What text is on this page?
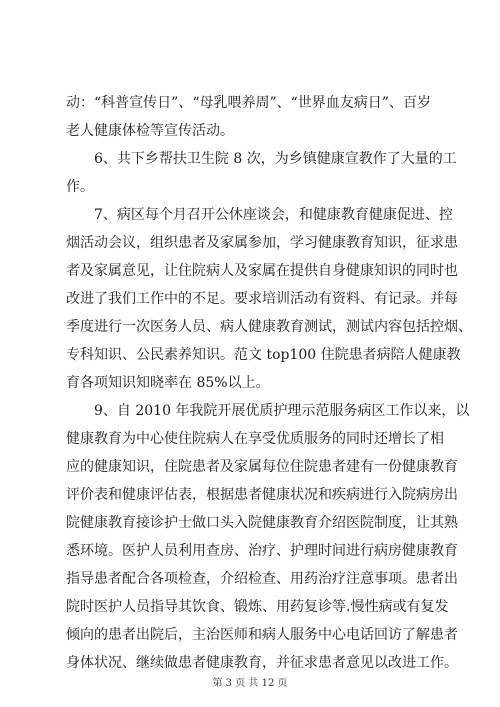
动：“科普宣传日”、“母乳喂养周”、“世界血友病日”、百岁
老人健康体检等宣传活动。
6、共下乡帮扶卫生院 8 次，为乡镇健康宣教作了大量的工
作。
7、病区每个月召开公休座谈会，和健康教育健康促进、控
烟活动会议，组织患者及家属参加，学习健康教育知识，征求患
者及家属意见，让住院病人及家属在提供自身健康知识的同时也
改进了我们工作中的不足。要求培训活动有资料、有记录。并每
季度进行一次医务人员、病人健康教育测试，测试内容包括控烟、
专科知识、公民素养知识。范文 top100 住院患者病陪人健康教
育各项知识知晓率在 85%以上。
9、自 2010 年我院开展优质护理示范服务病区工作以来，以
健康教育为中心使住院病人在享受优质服务的同时还增长了相
应的健康知识，住院患者及家属每位住院患者建有一份健康教育
评价表和健康评估表，根据患者健康状况和疾病进行入院病房出
院健康教育接诊护士做口头入院健康教育介绍医院制度，让其熟
悉环境。医护人员利用查房、治疗、护理时间进行病房健康教育
指导患者配合各项检查，介绍检查、用药治疗注意事项。患者出
院时医护人员指导其饮食、锻炼、用药复诊等.慢性病或有复发
倾向的患者出院后，主治医师和病人服务中心电话回访了解患者
身体状况、继续做患者健康教育，并征求患者意见以改进工作。
第 3 页 共 12 页
